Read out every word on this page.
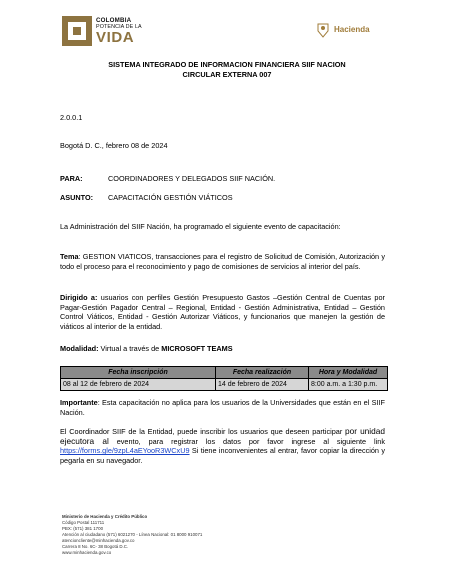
COLOMBIA
POTENCIA DE LA
VIDA	Hacienda
SISTEMA INTEGRADO DE INFORMACION FINANCIERA SIIF NACION
CIRCULAR EXTERNA 007
2.0.0.1
Bogotá D. C., febrero 08 de 2024
PARA:	COORDINADORES Y DELEGADOS SIIF NACIÓN.
ASUNTO: CAPACITACIÓN GESTIÓN VIÁTICOS
La Administración del SIIF Nación, ha programado el siguiente evento de capacitación:
Tema: GESTION VIATICOS, transacciones para el registro de Solicitud de Comisión, Autorización y todo el proceso para el reconocimiento y pago de comisiones de servicios al interior del país.
Dirigido a: usuarios con perfiles Gestión Presupuesto Gastos –Gestión Central de Cuentas por Pagar-Gestión Pagador Central – Regional, Entidad - Gestión Administrativa, Entidad – Gestión Control Viáticos, Entidad - Gestión Autorizar Viáticos, y funcionarios que manejen la gestión de viáticos al interior de la entidad.
Modalidad: Virtual a través de MICROSOFT TEAMS
Fecha inscripción	Fecha realización	Hora y Modalidad
08 al 12 de febrero de 2024	14 de febrero de 2024	8:00 a.m. a 1:30 p.m.
Importante: Esta capacitación no aplica para los usuarios de la Universidades que están en el SIIF Nación.
El Coordinador SIIF de la Entidad, puede inscribir los usuarios que deseen participar por unidad ejecutora al evento, para registrar los datos por favor ingrese al siguiente link https://forms.gle/9zpL4aEYooR3WCxU9 Si tiene inconvenientes al entrar, favor copiar la dirección y pegarla en su navegador.
Ministerio de Hacienda y Crédito Público
Código Postal 111711
PBX: (571) 381 1700
Atención al ciudadano (571) 6021270 - Línea Nacional: 01 8000 910071
atencioncliente@minhacienda.gov.co
Carrera 8 No. 6C- 38 Bogotá D.C.
www.minhacienda.gov.co
